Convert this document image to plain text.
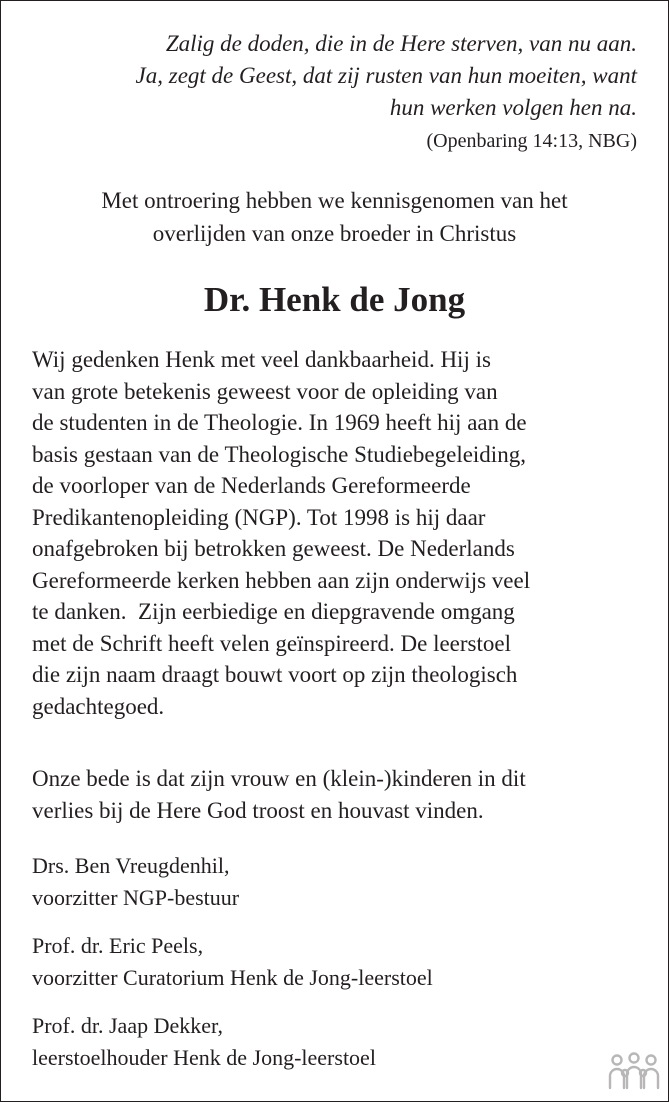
Zalig de doden, die in de Here sterven, van nu aan.
Ja, zegt de Geest, dat zij rusten van hun moeiten, want
hun werken volgen hen na.
(Openbaring 14:13, NBG)
Met ontroering hebben we kennisgenomen van het
overlijden van onze broeder in Christus
Dr. Henk de Jong

Wij gedenken Henk met veel dankbaarheid. Hij is

van grote betekenis geweest voor de opleiding van

de studenten in de Theologie. In 1969 heeft hij aan de

basis gestaan van de Theologische Studiebegeleiding,

de voorloper van de Nederlands Gereformeerde

Predikantenopleiding (NGP). Tot 1998 is hij daar

onafgebroken bij betrokken geweest. De Nederlands

Gereformeerde kerken hebben aan zijn onderwijs veel

te danken.  Zijn eerbiedige en diepgravende omgang

met de Schrift heeft velen geïnspireerd. De leerstoel

die zijn naam draagt bouwt voort op zijn theologisch

gedachtegoed.

Onze bede is dat zijn vrouw en (klein-)kinderen in dit
verlies bij de Here God troost en houvast vinden.
Drs. Ben Vreugdenhil,
voorzitter NGP-bestuur
Prof. dr. Eric Peels,
voorzitter Curatorium Henk de Jong-leerstoel
Prof. dr. Jaap Dekker,
leerstoelhouder Henk de Jong-leerstoel
